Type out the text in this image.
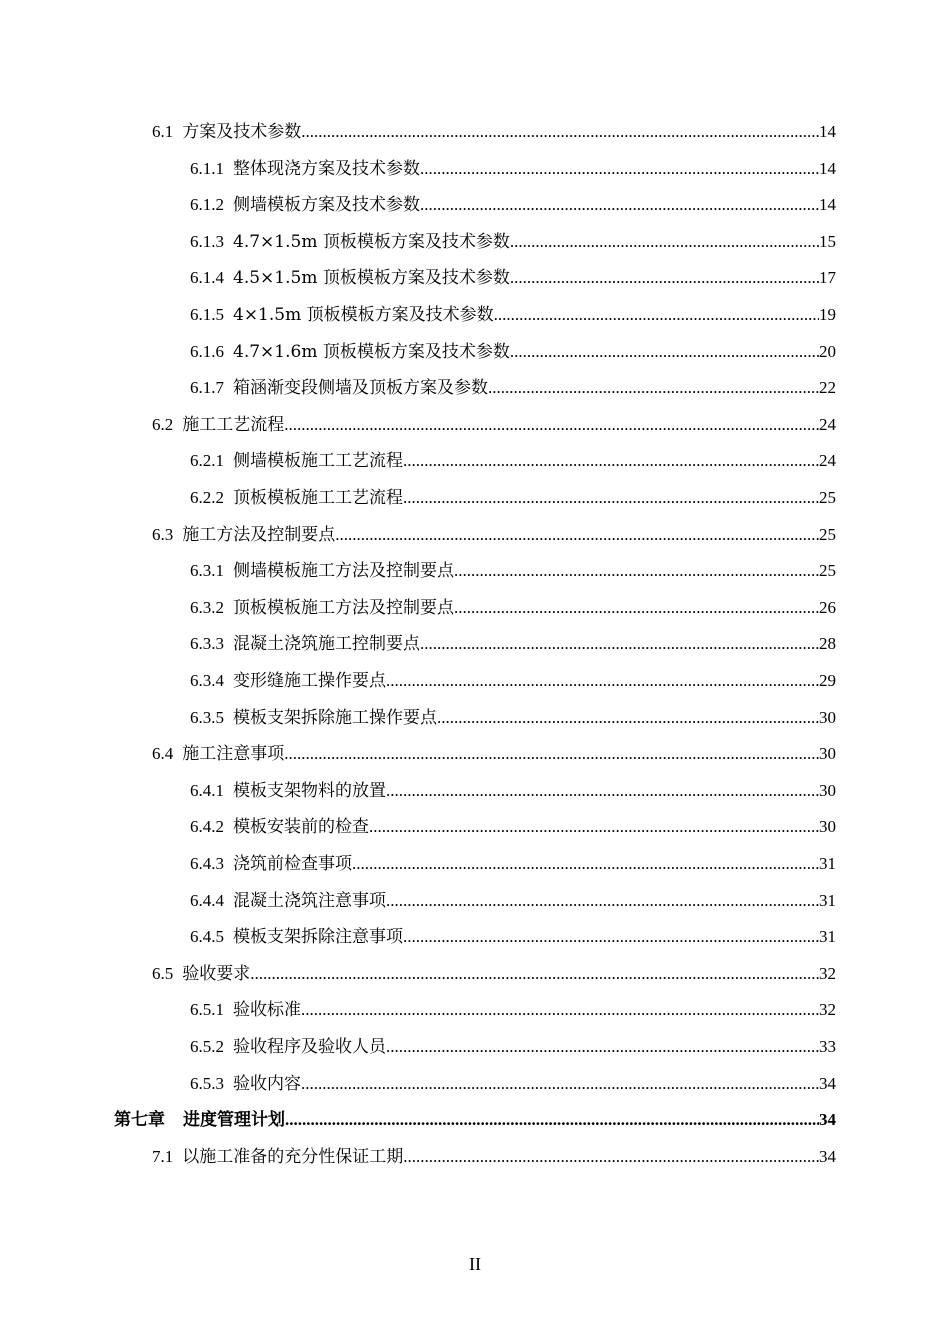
6.1 方案及技术参数 .....	14
6.1.1 整体现浇方案及技术参数 .....	14
6.1.2 侧墙模板方案及技术参数 .....	14
6.1.3 4.7×1.5m 顶板模板方案及技术参数 .....	15
6.1.4 4.5×1.5m 顶板模板方案及技术参数 .....	17
6.1.5 4×1.5m 顶板模板方案及技术参数 .....	19
6.1.6 4.7×1.6m 顶板模板方案及技术参数 .....	20
6.1.7 箱涵渐变段侧墙及顶板方案及参数 .....	22
6.2 施工工艺流程 .....	24
6.2.1 侧墙模板施工工艺流程 .....	24
6.2.2 顶板模板施工工艺流程 .....	25
6.3 施工方法及控制要点 .....	25
6.3.1 侧墙模板施工方法及控制要点 .....	25
6.3.2 顶板模板施工方法及控制要点 .....	26
6.3.3 混凝土浇筑施工控制要点 .....	28
6.3.4 变形缝施工操作要点 .....	29
6.3.5 模板支架拆除施工操作要点 .....	30
6.4 施工注意事项 .....	30
6.4.1 模板支架物料的放置 .....	30
6.4.2 模板安装前的检查 .....	30
6.4.3 浇筑前检查事项 .....	31
6.4.4 混凝土浇筑注意事项 .....	31
6.4.5 模板支架拆除注意事项 .....	31
6.5 验收要求 .....	32
6.5.1 验收标准 .....	32
6.5.2 验收程序及验收人员 .....	33
6.5.3 验收内容 .....	34
第七章	进度管理计划 .....	34
7.1 以施工准备的充分性保证工期 .....	34
II
